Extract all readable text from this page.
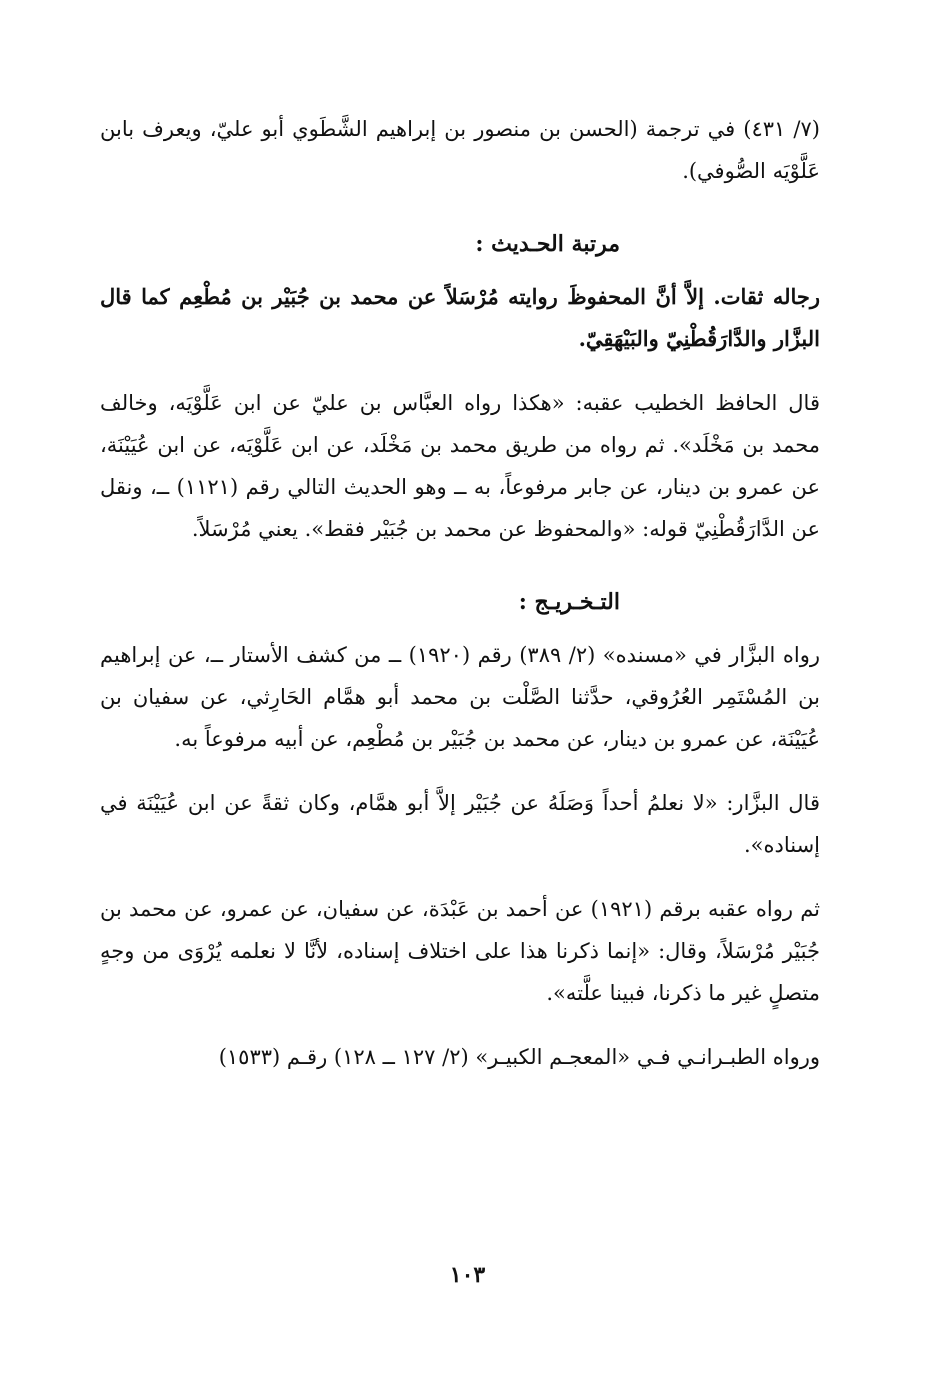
(٧/ ٤٣١) في ترجمة (الحسن بن منصور بن إبراهيم الشَّطَوي أبو عليّ، ويعرف بابن عَلَّوْيَه الصُّوفي).

مرتبة الحـديث :

رجاله ثقات. إلاَّ أنَّ المحفوظَ روايته مُرْسَلاً عن محمد بن جُبَيْر بن مُطْعِم كما قال البزَّار والدَّارَقُطْنِيّ والبَيْهَقِيّ.

قال الحافظ الخطيب عقبه: «هكذا رواه العبَّاس بن عليّ عن ابن عَلَّوْيَه، وخالف محمد بن مَخْلَد». ثم رواه من طريق محمد بن مَخْلَد، عن ابن عَلَّوْيَه، عن ابن عُيَيْنَة، عن عمرو بن دينار، عن جابر مرفوعاً، به ــ وهو الحديث التالي رقم (١١٢١) ــ، ونقل عن الدَّارَقُطْنِيّ قوله: «والمحفوظ عن محمد بن جُبَيْر فقط». يعني مُرْسَلاً.

التـخـريـج :

رواه البزَّار في «مسنده» (٢/ ٣٨٩) رقم (١٩٢٠) ــ من كشف الأستار ــ، عن إبراهيم بن المُسْتَمِر العُرُوقي، حدَّثنا الصَّلْت بن محمد أبو همَّام الحَارِثي، عن سفيان بن عُيَيْنَة، عن عمرو بن دينار، عن محمد بن جُبَيْر بن مُطْعِم، عن أبيه مرفوعاً به.

قال البزَّار: «لا نعلمُ أحداً وَصَلَهُ عن جُبَيْر إلاَّ أبو همَّام، وكان ثقةً عن ابن عُيَيْنَة في إسناده».

ثم رواه عقبه برقم (١٩٢١) عن أحمد بن عَبْدَة، عن سفيان، عن عمرو، عن محمد بن جُبَيْر مُرْسَلاً، وقال: «إنما ذكرنا هذا على اختلاف إسناده، لأنَّا لا نعلمه يُرْوَى من وجهٍ متصلٍ غير ما ذكرنا، فبينا علَّته».

ورواه الطبـرانـي فـي «المعجـم الكبيـر» (٢/ ١٢٧ ــ ١٢٨) رقـم (١٥٣٣)

١٠٣
